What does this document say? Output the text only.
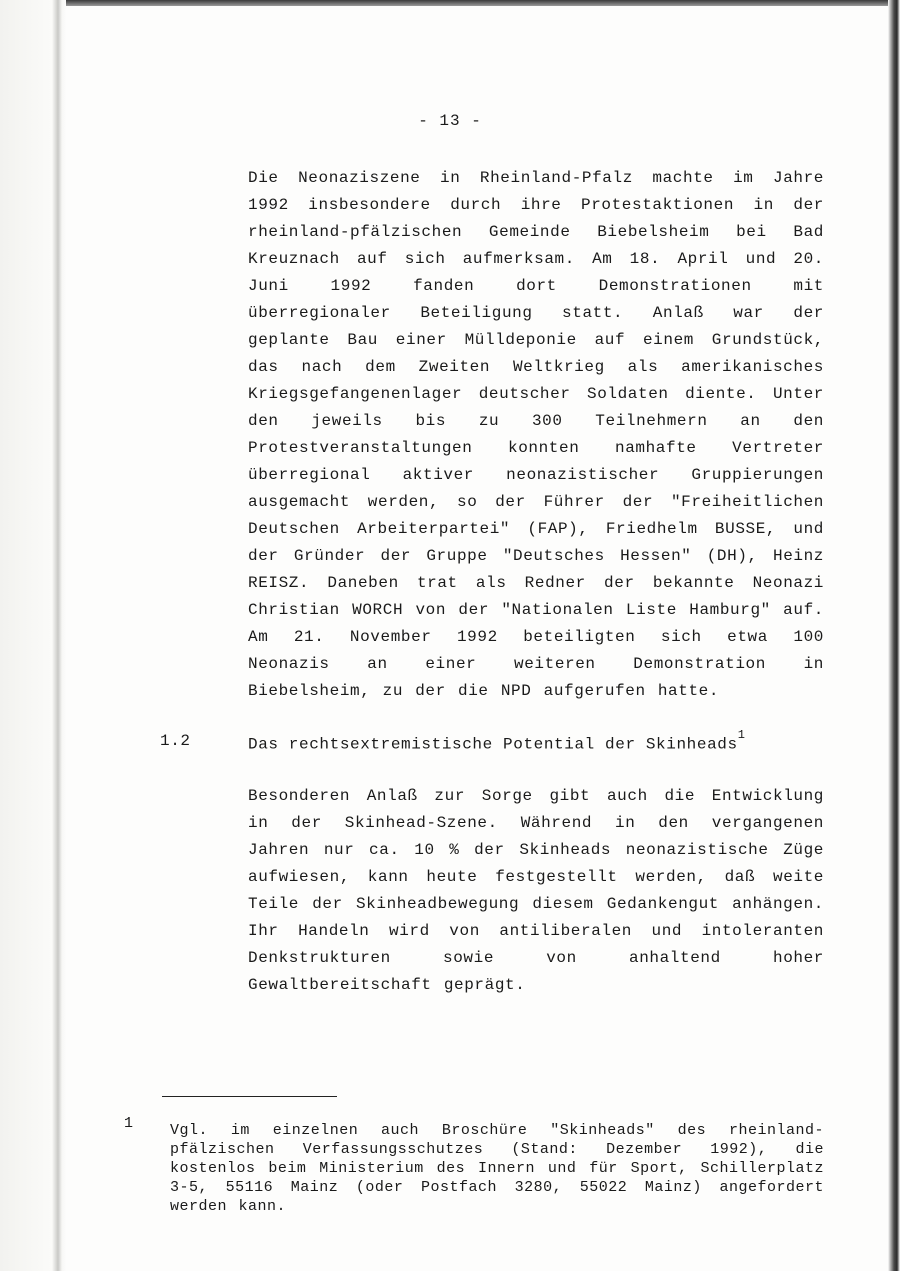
- 13 -

Die Neonaziszene in Rheinland-Pfalz machte im Jahre 1992 insbesondere durch ihre Protestaktionen in der rheinland-pfälzischen Gemeinde Biebelsheim bei Bad Kreuznach auf sich aufmerksam. Am 18. April und 20. Juni 1992 fanden dort Demonstrationen mit überregionaler Beteiligung statt. Anlaß war der geplante Bau einer Mülldeponie auf einem Grundstück, das nach dem Zweiten Weltkrieg als amerikanisches Kriegsgefangenenlager deutscher Soldaten diente. Unter den jeweils bis zu 300 Teilnehmern an den Protestveranstaltungen konnten namhafte Vertreter überregional aktiver neonazistischer Gruppierungen ausgemacht werden, so der Führer der "Freiheitlichen Deutschen Arbeiterpartei" (FAP), Friedhelm BUSSE, und der Gründer der Gruppe "Deutsches Hessen" (DH), Heinz REISZ. Daneben trat als Redner der bekannte Neonazi Christian WORCH von der "Nationalen Liste Hamburg" auf. Am 21. November 1992 beteiligten sich etwa 100 Neonazis an einer weiteren Demonstration in Biebelsheim, zu der die NPD aufgerufen hatte.

1.2	Das rechtsextremistische Potential der Skinheads$^1$

Besonderen Anlaß zur Sorge gibt auch die Entwicklung in der Skinhead-Szene. Während in den vergangenen Jahren nur ca. 10 % der Skinheads neonazistische Züge aufwiesen, kann heute festgestellt werden, daß weite Teile der Skinheadbewegung diesem Gedankengut anhängen. Ihr Handeln wird von antiliberalen und intoleranten Denkstrukturen sowie von anhaltend hoher Gewaltbereitschaft geprägt.

1 Vgl. im einzelnen auch Broschüre "Skinheads" des rheinland-pfälzischen Verfassungsschutzes (Stand: Dezember 1992), die kostenlos beim Ministerium des Innern und für Sport, Schillerplatz 3-5, 55116 Mainz (oder Postfach 3280, 55022 Mainz) angefordert werden kann.
